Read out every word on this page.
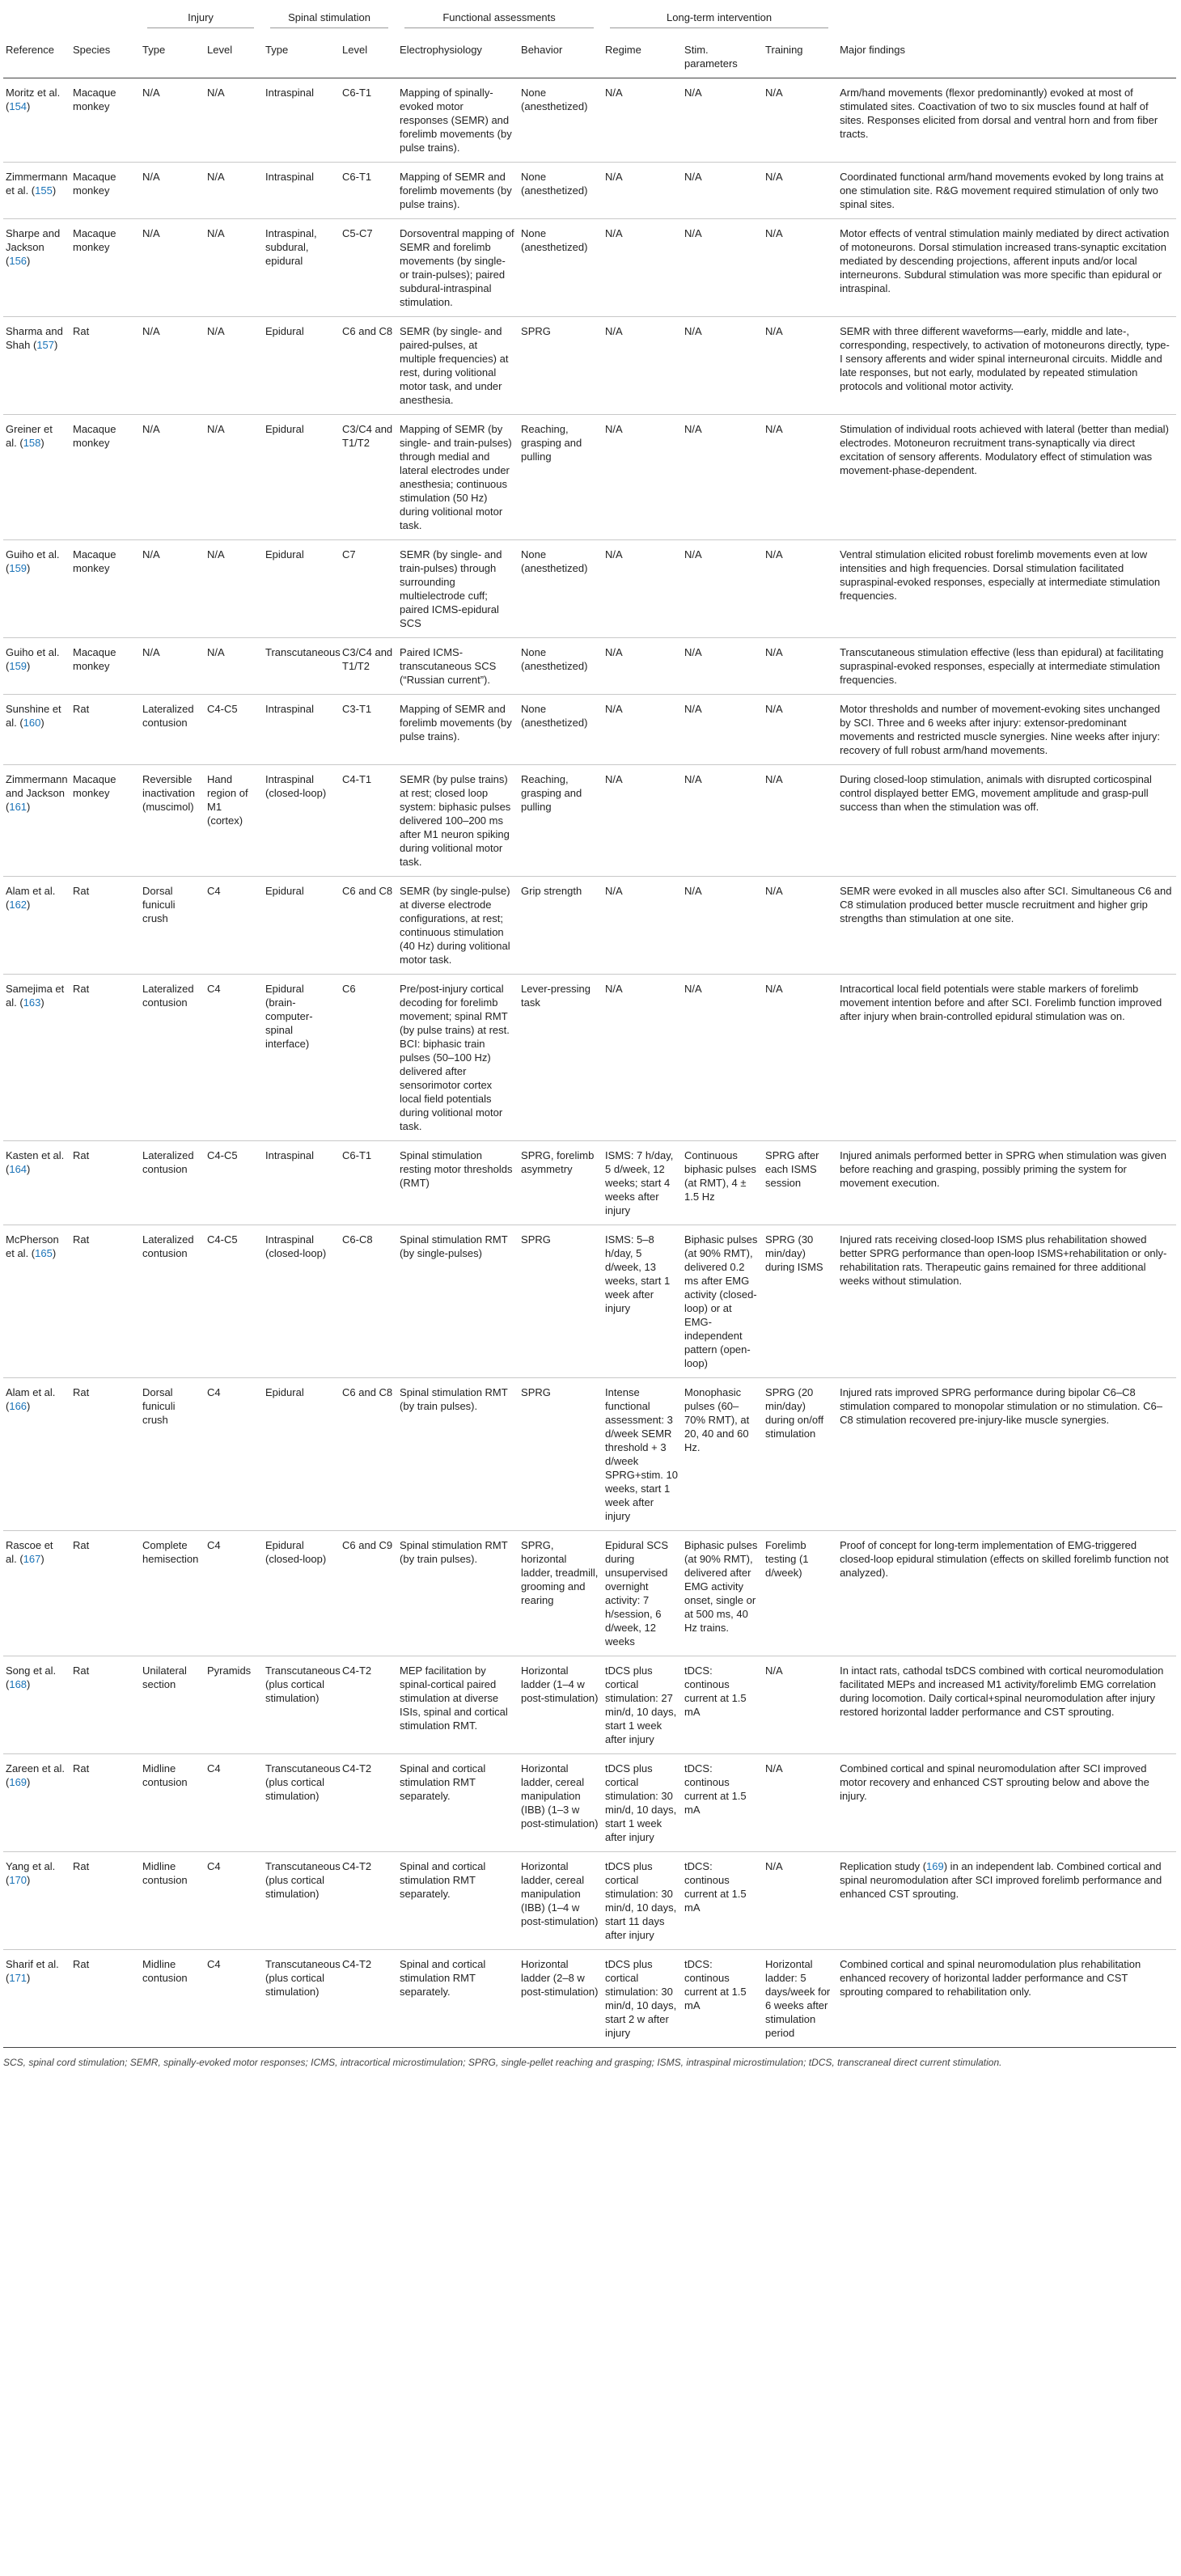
		Injury		Spinal stimulation		Functional assessments		Long-term intervention			

Reference	Species	Type	Level	Type	Level	Electrophysiology	Behavior	Regime	Stim. parameters	Training	Major findings
Moritz et al. (154)	Macaque monkey	N/A	N/A	Intraspinal	C6-T1	Mapping of spinally-evoked motor responses (SEMR) and forelimb movements (by pulse trains).	None (anesthetized)	N/A	N/A	N/A	Arm/hand movements (flexor predominantly) evoked at most of stimulated sites. Coactivation of two to six muscles found at half of sites. Responses elicited from dorsal and ventral horn and from fiber tracts.
Zimmermann et al. (155)	Macaque monkey	N/A	N/A	Intraspinal	C6-T1	Mapping of SEMR and forelimb movements (by pulse trains).	None (anesthetized)	N/A	N/A	N/A	Coordinated functional arm/hand movements evoked by long trains at one stimulation site. R&G movement required stimulation of only two spinal sites.
Sharpe and Jackson (156)	Macaque monkey	N/A	N/A	Intraspinal, subdural, epidural	C5-C7	Dorsoventral mapping of SEMR and forelimb movements (by single- or train-pulses); paired subdural-intraspinal stimulation.	None (anesthetized)	N/A	N/A	N/A	Motor effects of ventral stimulation mainly mediated by direct activation of motoneurons. Dorsal stimulation increased trans-synaptic excitation mediated by descending projections, afferent inputs and/or local interneurons. Subdural stimulation was more specific than epidural or intraspinal.
Sharma and Shah (157)	Rat	N/A	N/A	Epidural	C6 and C8	SEMR (by single- and paired-pulses, at multiple frequencies) at rest, during volitional motor task, and under anesthesia.	SPRG	N/A	N/A	N/A	SEMR with three different waveforms—early, middle and late-, corresponding, respectively, to activation of motoneurons directly, type-I sensory afferents and wider spinal interneuronal circuits. Middle and late responses, but not early, modulated by repeated stimulation protocols and volitional motor activity.
Greiner et al. (158)	Macaque monkey	N/A	N/A	Epidural	C3/C4 and T1/T2	Mapping of SEMR (by single- and train-pulses) through medial and lateral electrodes under anesthesia; continuous stimulation (50 Hz) during volitional motor task.	Reaching, grasping and pulling	N/A	N/A	N/A	Stimulation of individual roots achieved with lateral (better than medial) electrodes. Motoneuron recruitment trans-synaptically via direct excitation of sensory afferents. Modulatory effect of stimulation was movement-phase-dependent.
Guiho et al. (159)	Macaque monkey	N/A	N/A	Epidural	C7	SEMR (by single- and train-pulses) through surrounding multielectrode cuff; paired ICMS-epidural SCS	None (anesthetized)	N/A	N/A	N/A	Ventral stimulation elicited robust forelimb movements even at low intensities and high frequencies. Dorsal stimulation facilitated supraspinal-evoked responses, especially at intermediate stimulation frequencies.
Guiho et al. (159)	Macaque monkey	N/A	N/A	Transcutaneous	C3/C4 and T1/T2	Paired ICMS-transcutaneous SCS (“Russian current”).	None (anesthetized)	N/A	N/A	N/A	Transcutaneous stimulation effective (less than epidural) at facilitating supraspinal-evoked responses, especially at intermediate stimulation frequencies.
Sunshine et al. (160)	Rat	Lateralized contusion	C4-C5	Intraspinal	C3-T1	Mapping of SEMR and forelimb movements (by pulse trains).	None (anesthetized)	N/A	N/A	N/A	Motor thresholds and number of movement-evoking sites unchanged by SCI. Three and 6 weeks after injury: extensor-predominant movements and restricted muscle synergies. Nine weeks after injury: recovery of full robust arm/hand movements.
Zimmermann and Jackson (161)	Macaque monkey	Reversible inactivation (muscimol)	Hand region of M1 (cortex)	Intraspinal (closed-loop)	C4-T1	SEMR (by pulse trains) at rest; closed loop system: biphasic pulses delivered 100–200 ms after M1 neuron spiking during volitional motor task.	Reaching, grasping and pulling	N/A	N/A	N/A	During closed-loop stimulation, animals with disrupted corticospinal control displayed better EMG, movement amplitude and grasp-pull success than when the stimulation was off.
Alam et al. (162)	Rat	Dorsal funiculi crush	C4	Epidural	C6 and C8	SEMR (by single-pulse) at diverse electrode configurations, at rest; continuous stimulation (40 Hz) during volitional motor task.	Grip strength	N/A	N/A	N/A	SEMR were evoked in all muscles also after SCI. Simultaneous C6 and C8 stimulation produced better muscle recruitment and higher grip strengths than stimulation at one site.
Samejima et al. (163)	Rat	Lateralized contusion	C4	Epidural (brain-computer-spinal interface)	C6	Pre/post-injury cortical decoding for forelimb movement; spinal RMT (by pulse trains) at rest. BCI: biphasic train pulses (50–100 Hz) delivered after sensorimotor cortex local field potentials during volitional motor task.	Lever-pressing task	N/A	N/A	N/A	Intracortical local field potentials were stable markers of forelimb movement intention before and after SCI. Forelimb function improved after injury when brain-controlled epidural stimulation was on.
Kasten et al. (164)	Rat	Lateralized contusion	C4-C5	Intraspinal	C6-T1	Spinal stimulation resting motor thresholds (RMT)	SPRG, forelimb asymmetry	ISMS: 7 h/day, 5 d/week, 12 weeks; start 4 weeks after injury	Continuous biphasic pulses (at RMT), 4 ± 1.5 Hz	SPRG after each ISMS session	Injured animals performed better in SPRG when stimulation was given before reaching and grasping, possibly priming the system for movement execution.
McPherson et al. (165)	Rat	Lateralized contusion	C4-C5	Intraspinal (closed-loop)	C6-C8	Spinal stimulation RMT (by single-pulses)	SPRG	ISMS: 5–8 h/day, 5 d/week, 13 weeks, start 1 week after injury	Biphasic pulses (at 90% RMT), delivered 0.2 ms after EMG activity (closed-loop) or at EMG-independent pattern (open-loop)	SPRG (30 min/day) during ISMS	Injured rats receiving closed-loop ISMS plus rehabilitation showed better SPRG performance than open-loop ISMS+rehabilitation or only-rehabilitation rats. Therapeutic gains remained for three additional weeks without stimulation.
Alam et al. (166)	Rat	Dorsal funiculi crush	C4	Epidural	C6 and C8	Spinal stimulation RMT (by train pulses).	SPRG	Intense functional assessment: 3 d/week SEMR threshold + 3 d/week SPRG+stim. 10 weeks, start 1 week after injury	Monophasic pulses (60–70% RMT), at 20, 40 and 60 Hz.	SPRG (20 min/day) during on/off stimulation	Injured rats improved SPRG performance during bipolar C6–C8 stimulation compared to monopolar stimulation or no stimulation. C6–C8 stimulation recovered pre-injury-like muscle synergies.
Rascoe et al. (167)	Rat	Complete hemisection	C4	Epidural (closed-loop)	C6 and C9	Spinal stimulation RMT (by train pulses).	SPRG, horizontal ladder, treadmill, grooming and rearing	Epidural SCS during unsupervised overnight activity: 7 h/session, 6 d/week, 12 weeks	Biphasic pulses (at 90% RMT), delivered after EMG activity onset, single or at 500 ms, 40 Hz trains.	Forelimb testing (1 d/week)	Proof of concept for long-term implementation of EMG-triggered closed-loop epidural stimulation (effects on skilled forelimb function not analyzed).
Song et al. (168)	Rat	Unilateral section	Pyramids	Transcutaneous (plus cortical stimulation)	C4-T2	MEP facilitation by spinal-cortical paired stimulation at diverse ISIs, spinal and cortical stimulation RMT.	Horizontal ladder (1–4 w post-stimulation)	tDCS plus cortical stimulation: 27 min/d, 10 days, start 1 week after injury	tDCS: continous current at 1.5 mA	N/A	In intact rats, cathodal tsDCS combined with cortical neuromodulation facilitated MEPs and increased M1 activity/forelimb EMG correlation during locomotion. Daily cortical+spinal neuromodulation after injury restored horizontal ladder performance and CST sprouting.
Zareen et al. (169)	Rat	Midline contusion	C4	Transcutaneous (plus cortical stimulation)	C4-T2	Spinal and cortical stimulation RMT separately.	Horizontal ladder, cereal manipulation (IBB) (1–3 w post-stimulation)	tDCS plus cortical stimulation: 30 min/d, 10 days, start 1 week after injury	tDCS: continous current at 1.5 mA	N/A	Combined cortical and spinal neuromodulation after SCI improved motor recovery and enhanced CST sprouting below and above the injury.
Yang et al. (170)	Rat	Midline contusion	C4	Transcutaneous (plus cortical stimulation)	C4-T2	Spinal and cortical stimulation RMT separately.	Horizontal ladder, cereal manipulation (IBB) (1–4 w post-stimulation)	tDCS plus cortical stimulation: 30 min/d, 10 days, start 11 days after injury	tDCS: continous current at 1.5 mA	N/A	Replication study (169) in an independent lab. Combined cortical and spinal neuromodulation after SCI improved forelimb performance and enhanced CST sprouting.
Sharif et al. (171)	Rat	Midline contusion	C4	Transcutaneous (plus cortical stimulation)	C4-T2	Spinal and cortical stimulation RMT separately.	Horizontal ladder (2–8 w post-stimulation)	tDCS plus cortical stimulation: 30 min/d, 10 days, start 2 w after injury	tDCS: continous current at 1.5 mA	Horizontal ladder: 5 days/week for 6 weeks after stimulation period	Combined cortical and spinal neuromodulation plus rehabilitation enhanced recovery of horizontal ladder performance and CST sprouting compared to rehabilitation only.
SCS, spinal cord stimulation; SEMR, spinally-evoked motor responses; ICMS, intracortical microstimulation; SPRG, single-pellet reaching and grasping; ISMS, intraspinal microstimulation; tDCS, transcraneal direct current stimulation.
